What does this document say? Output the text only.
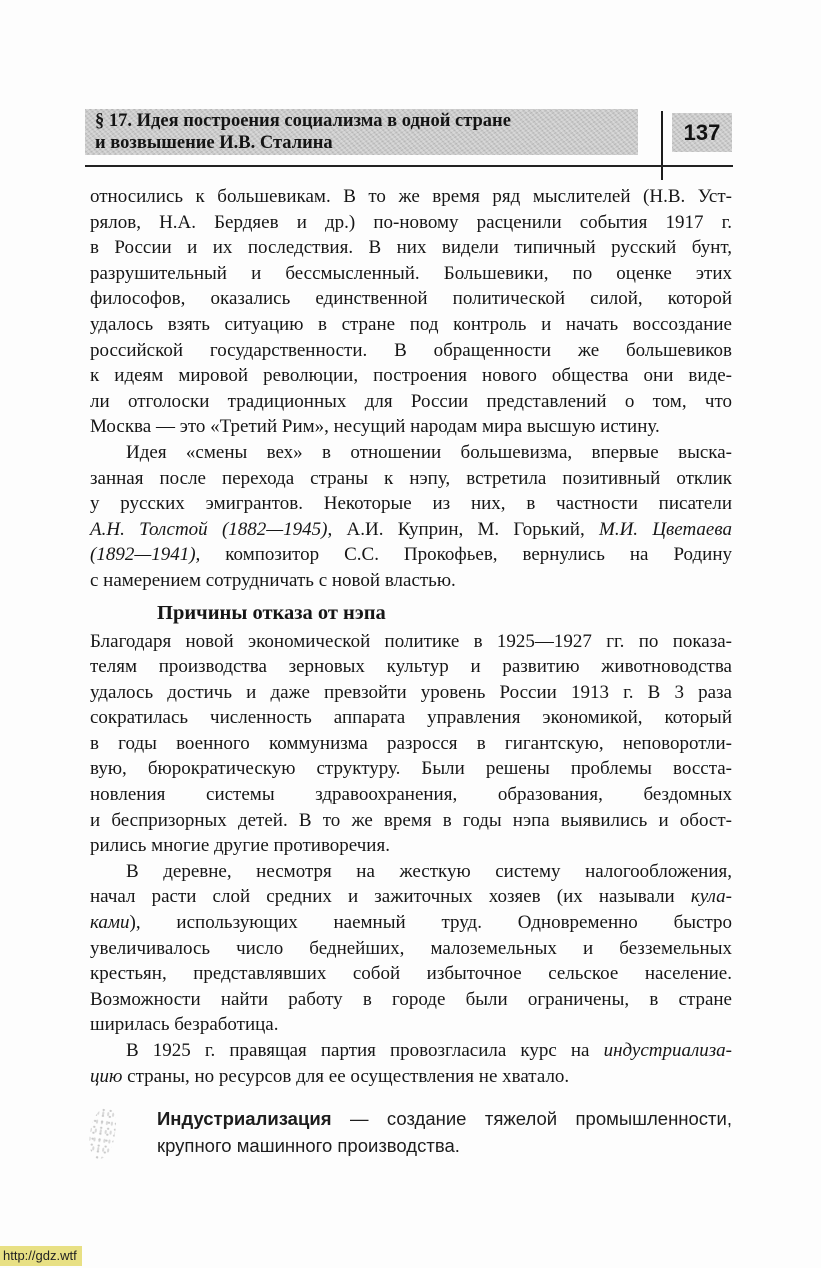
§ 17. Идея построения социализма в одной стране
и возвышение И.В. Сталина	137
относились к большевикам. В то же время ряд мыслителей (Н.В. Уст-
рялов, Н.А. Бердяев и др.) по-новому расценили события 1917 г.
в России и их последствия. В них видели типичный русский бунт,
разрушительный и бессмысленный. Большевики, по оценке этих
философов, оказались единственной политической силой, которой
удалось взять ситуацию в стране под контроль и начать воссоздание
российской государственности. В обращенности же большевиков
к идеям мировой революции, построения нового общества они виде-
ли отголоски традиционных для России представлений о том, что
Москва — это «Третий Рим», несущий народам мира высшую истину.
Идея «смены вех» в отношении большевизма, впервые выска-
занная после перехода страны к нэпу, встретила позитивный отклик
у русских эмигрантов. Некоторые из них, в частности писатели
А.Н. Толстой (1882—1945), А.И. Куприн, М. Горький, М.И. Цветаева
(1892—1941), композитор С.С. Прокофьев, вернулись на Родину
с намерением сотрудничать с новой властью.
Причины отказа от нэпа
Благодаря новой экономической политике в 1925—1927 гг. по показа-
телям производства зерновых культур и развитию животноводства
удалось достичь и даже превзойти уровень России 1913 г. В 3 раза
сократилась численность аппарата управления экономикой, который
в годы военного коммунизма разросся в гигантскую, неповоротли-
вую, бюрократическую структуру. Были решены проблемы восста-
новления системы здравоохранения, образования, бездомных
и беспризорных детей. В то же время в годы нэпа выявились и обост-
рились многие другие противоречия.
В деревне, несмотря на жесткую систему налогообложения,
начал расти слой средних и зажиточных хозяев (их называли кула-
ками), использующих наемный труд. Одновременно быстро
увеличивалось число беднейших, малоземельных и безземельных
крестьян, представлявших собой избыточное сельское население.
Возможности найти работу в городе были ограничены, в стране
ширилась безработица.
В 1925 г. правящая партия провозгласила курс на индустриализа-
цию страны, но ресурсов для ее осуществления не хватало.
Индустриализация — создание тяжелой промышленности,
крупного машинного производства.
http://gdz.wtf
